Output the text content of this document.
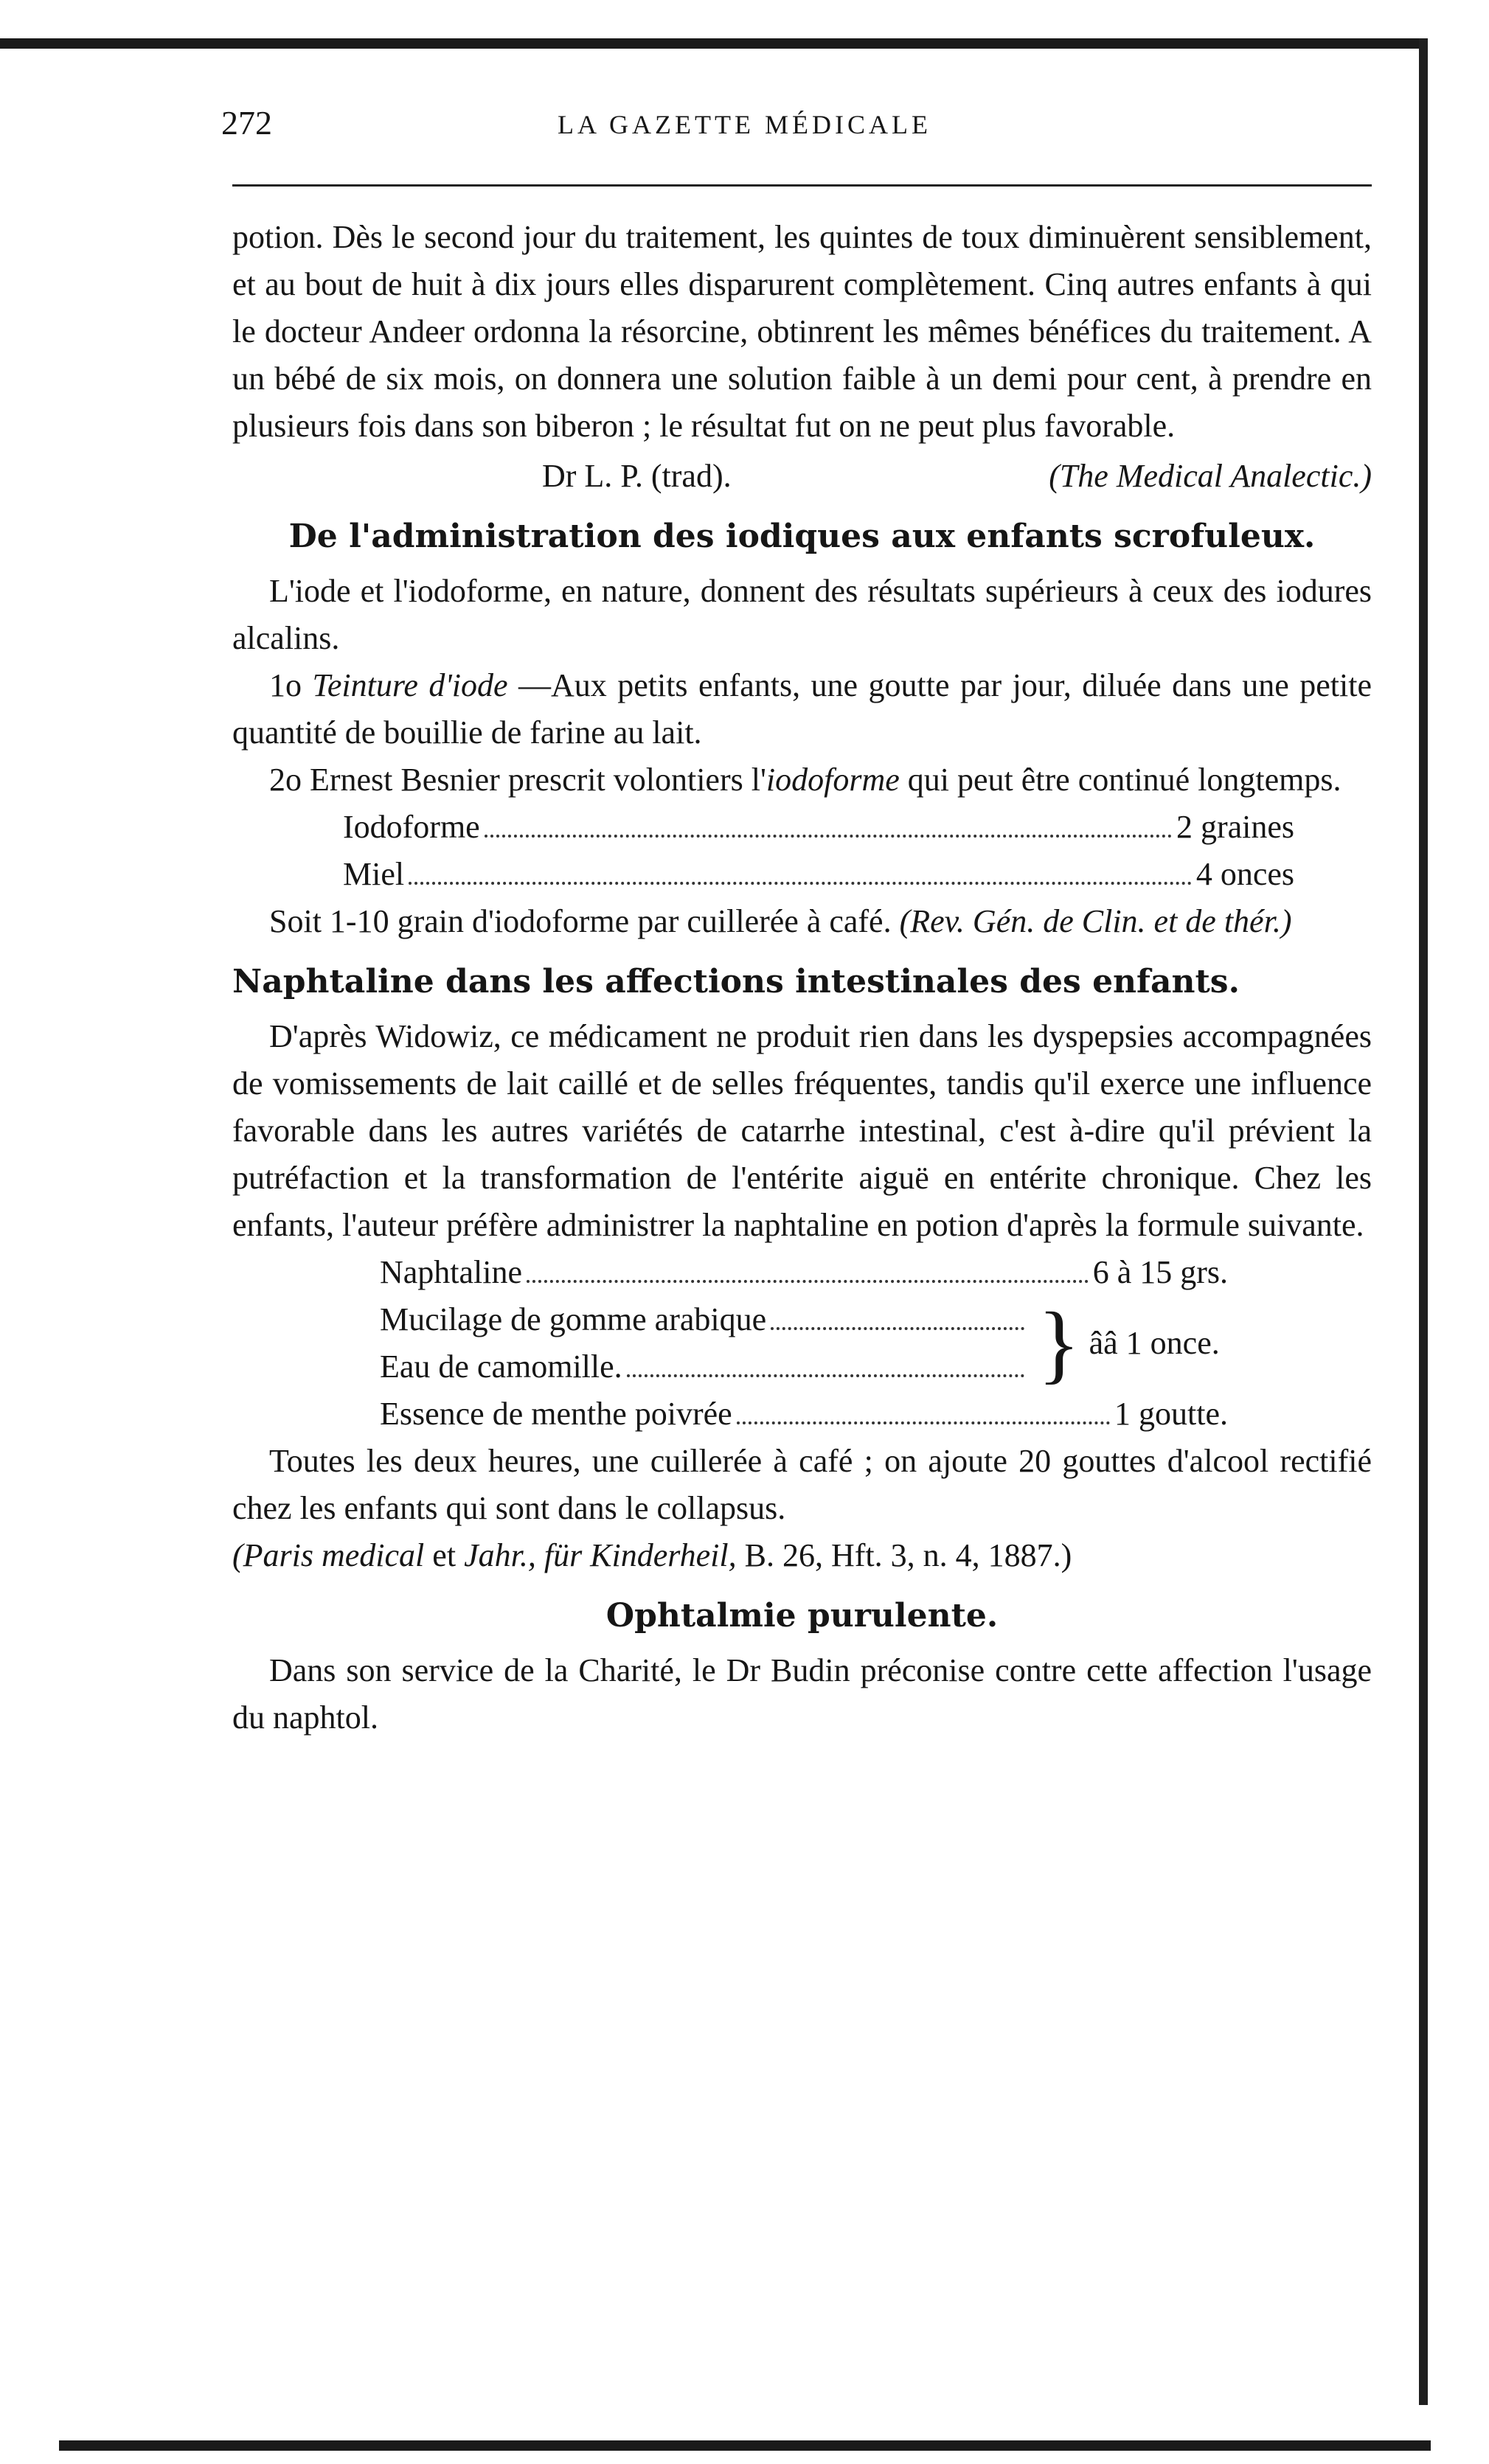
272	LA GAZETTE MÉDICALE

potion. Dès le second jour du traitement, les quintes de toux diminuèrent sensiblement, et au bout de huit à dix jours elles disparurent complètement. Cinq autres enfants à qui le docteur Andeer ordonna la résorcine, obtinrent les mêmes bénéfices du traitement. A un bébé de six mois, on donnera une solution faible à un demi pour cent, à prendre en plusieurs fois dans son biberon ; le résultat fut on ne peut plus favorable.

Dr L. P. (trad).	(The Medical Analectic.)
De l'administration des iodiques aux enfants scrofuleux.

L'iode et l'iodoforme, en nature, donnent des résultats supérieurs à ceux des iodures alcalins.

1o Teinture d'iode —Aux petits enfants, une goutte par jour, diluée dans une petite quantité de bouillie de farine au lait.

2o Ernest Besnier prescrit volontiers l'iodoforme qui peut être continué longtemps.

Iodoforme	2 graines
Miel	4 onces

Soit 1-10 grain d'iodoforme par cuillerée à café. (Rev. Gén. de Clin. et de thér.)

Naphtaline dans les affections intestinales des enfants.

D'après Widowiz, ce médicament ne produit rien dans les dyspepsies accompagnées de vomissements de lait caillé et de selles fréquentes, tandis qu'il exerce une influence favorable dans les autres variétés de catarrhe intestinal, c'est à-dire qu'il prévient la putréfaction et la transformation de l'entérite aiguë en entérite chronique. Chez les enfants, l'auteur préfère administrer la naphtaline en potion d'après la formule suivante.

Naphtaline	6 à 15 grs.
Mucilage de gomme arabique
Eau de camomille.	} ââ 1 once.
Essence de menthe poivrée	1 goutte.

Toutes les deux heures, une cuillerée à café ; on ajoute 20 gouttes d'alcool rectifié chez les enfants qui sont dans le collapsus.

(Paris medical et Jahr., für Kinderheil, B. 26, Hft. 3, n. 4, 1887.)

Ophtalmie purulente.

Dans son service de la Charité, le Dr Budin préconise contre cette affection l'usage du naphtol.
